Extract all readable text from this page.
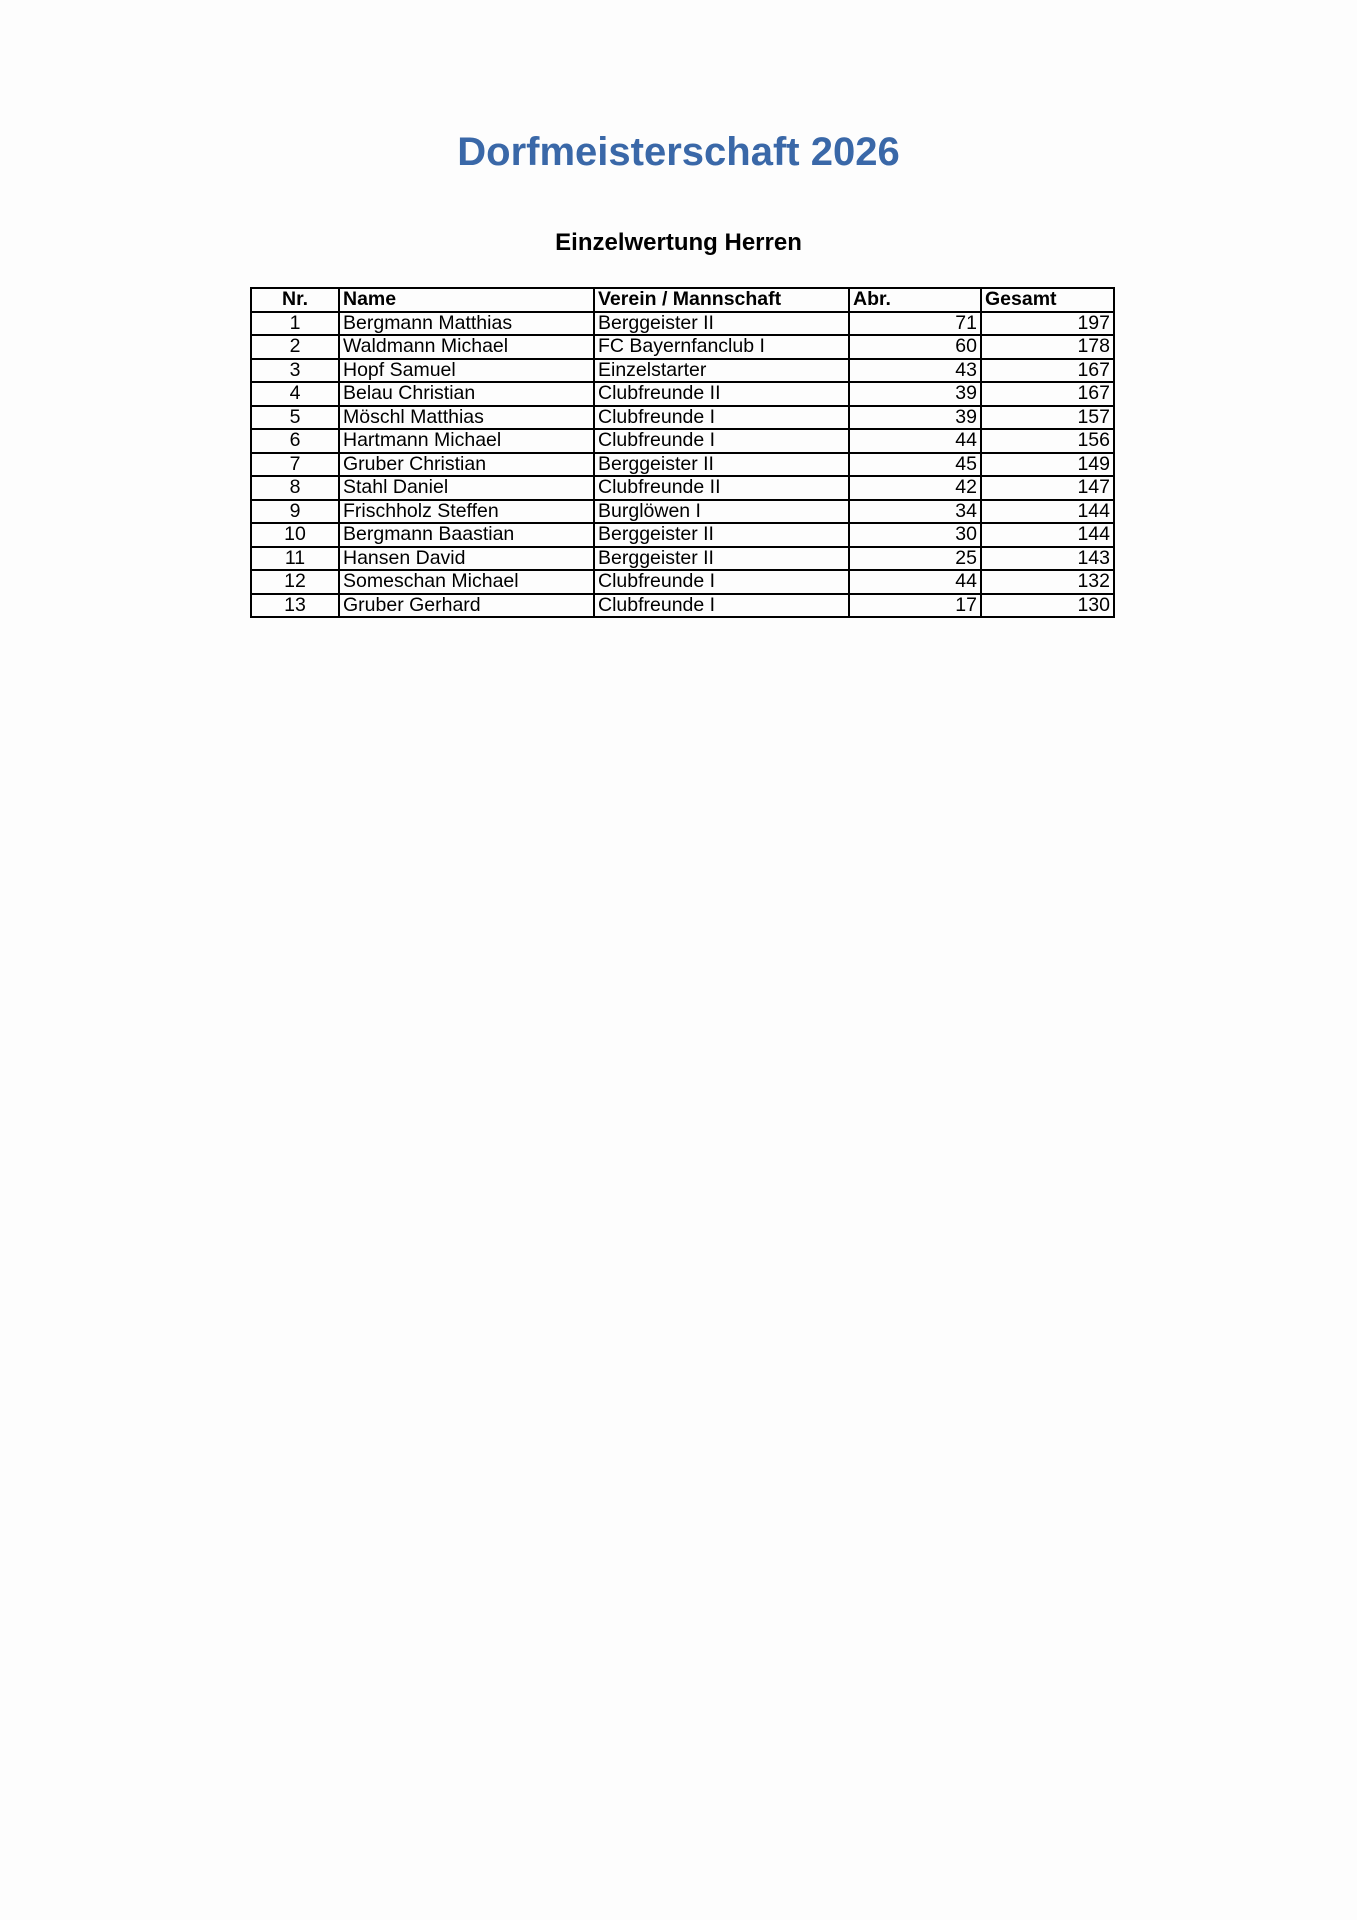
Dorfmeisterschaft 2026
Einzelwertung Herren
Nr.	Name	Verein / Mannschaft	Abr.	Gesamt
1	Bergmann Matthias	Berggeister II	71	197
2	Waldmann Michael	FC Bayernfanclub I	60	178
3	Hopf Samuel	Einzelstarter	43	167
4	Belau Christian	Clubfreunde II	39	167
5	Möschl Matthias	Clubfreunde I	39	157
6	Hartmann Michael	Clubfreunde I	44	156
7	Gruber Christian	Berggeister II	45	149
8	Stahl Daniel	Clubfreunde II	42	147
9	Frischholz Steffen	Burglöwen I	34	144
10	Bergmann Baastian	Berggeister II	30	144
11	Hansen David	Berggeister II	25	143
12	Someschan Michael	Clubfreunde I	44	132
13	Gruber Gerhard	Clubfreunde I	17	130
